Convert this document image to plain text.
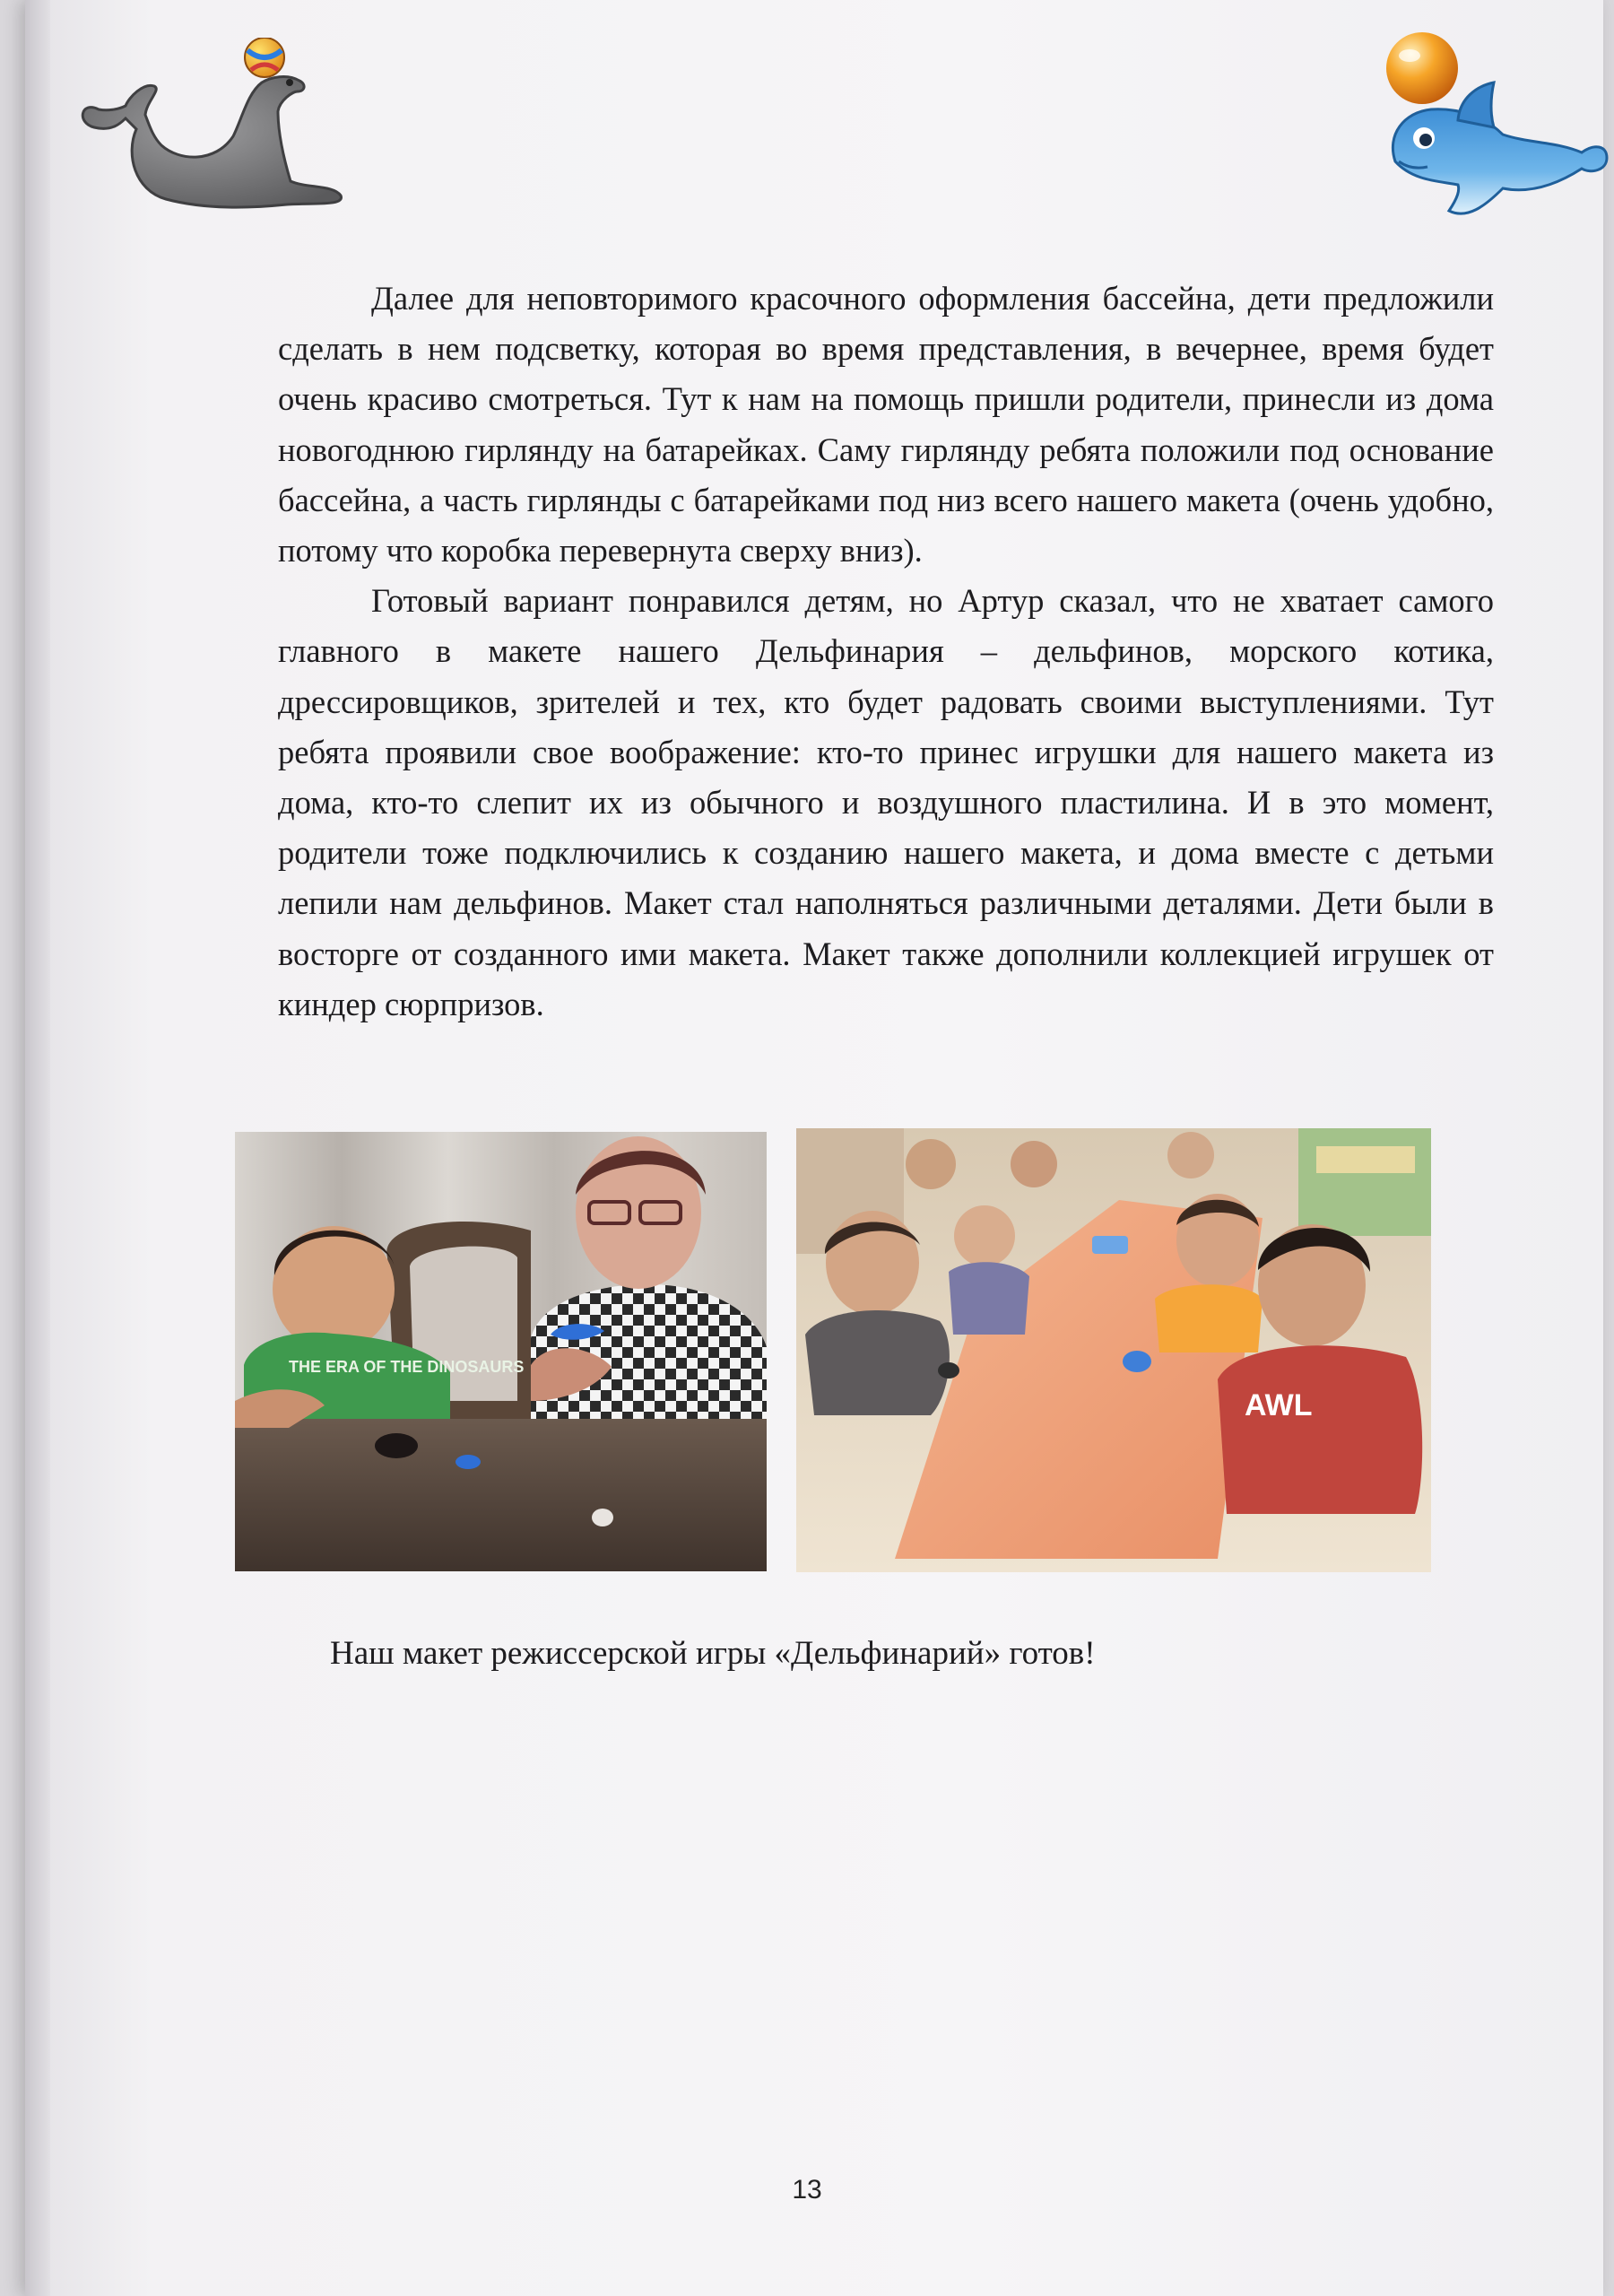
Далее для неповторимого красочного оформления бассейна, дети предложили сделать в нем подсветку, которая во время представления, в вечернее, время будет очень красиво смотреться. Тут к нам на помощь пришли родители, принесли из дома новогоднюю гирлянду на батарейках. Саму гирлянду ребята положили под основание бассейна, а часть гирлянды с батарейками под низ всего нашего макета (очень удобно, потому что коробка перевернута сверху вниз).

Готовый вариант понравился детям, но Артур сказал, что не хватает самого главного в макете нашего Дельфинария – дельфинов, морского котика, дрессировщиков, зрителей и тех, кто будет радовать своими выступлениями. Тут ребята проявили свое воображение: кто-то принес игрушки для нашего макета из дома, кто-то слепит их из обычного и воздушного пластилина. И в это момент, родители тоже подключились к созданию нашего макета, и дома вместе с детьми лепили нам дельфинов. Макет стал наполняться различными деталями. Дети были в восторге от созданного ими макета. Макет также дополнили коллекцией игрушек от киндер сюрпризов.

THE ERA OF THE DINOSAURS
AWL
Наш макет режиссерской игры «Дельфинарий» готов!
13
